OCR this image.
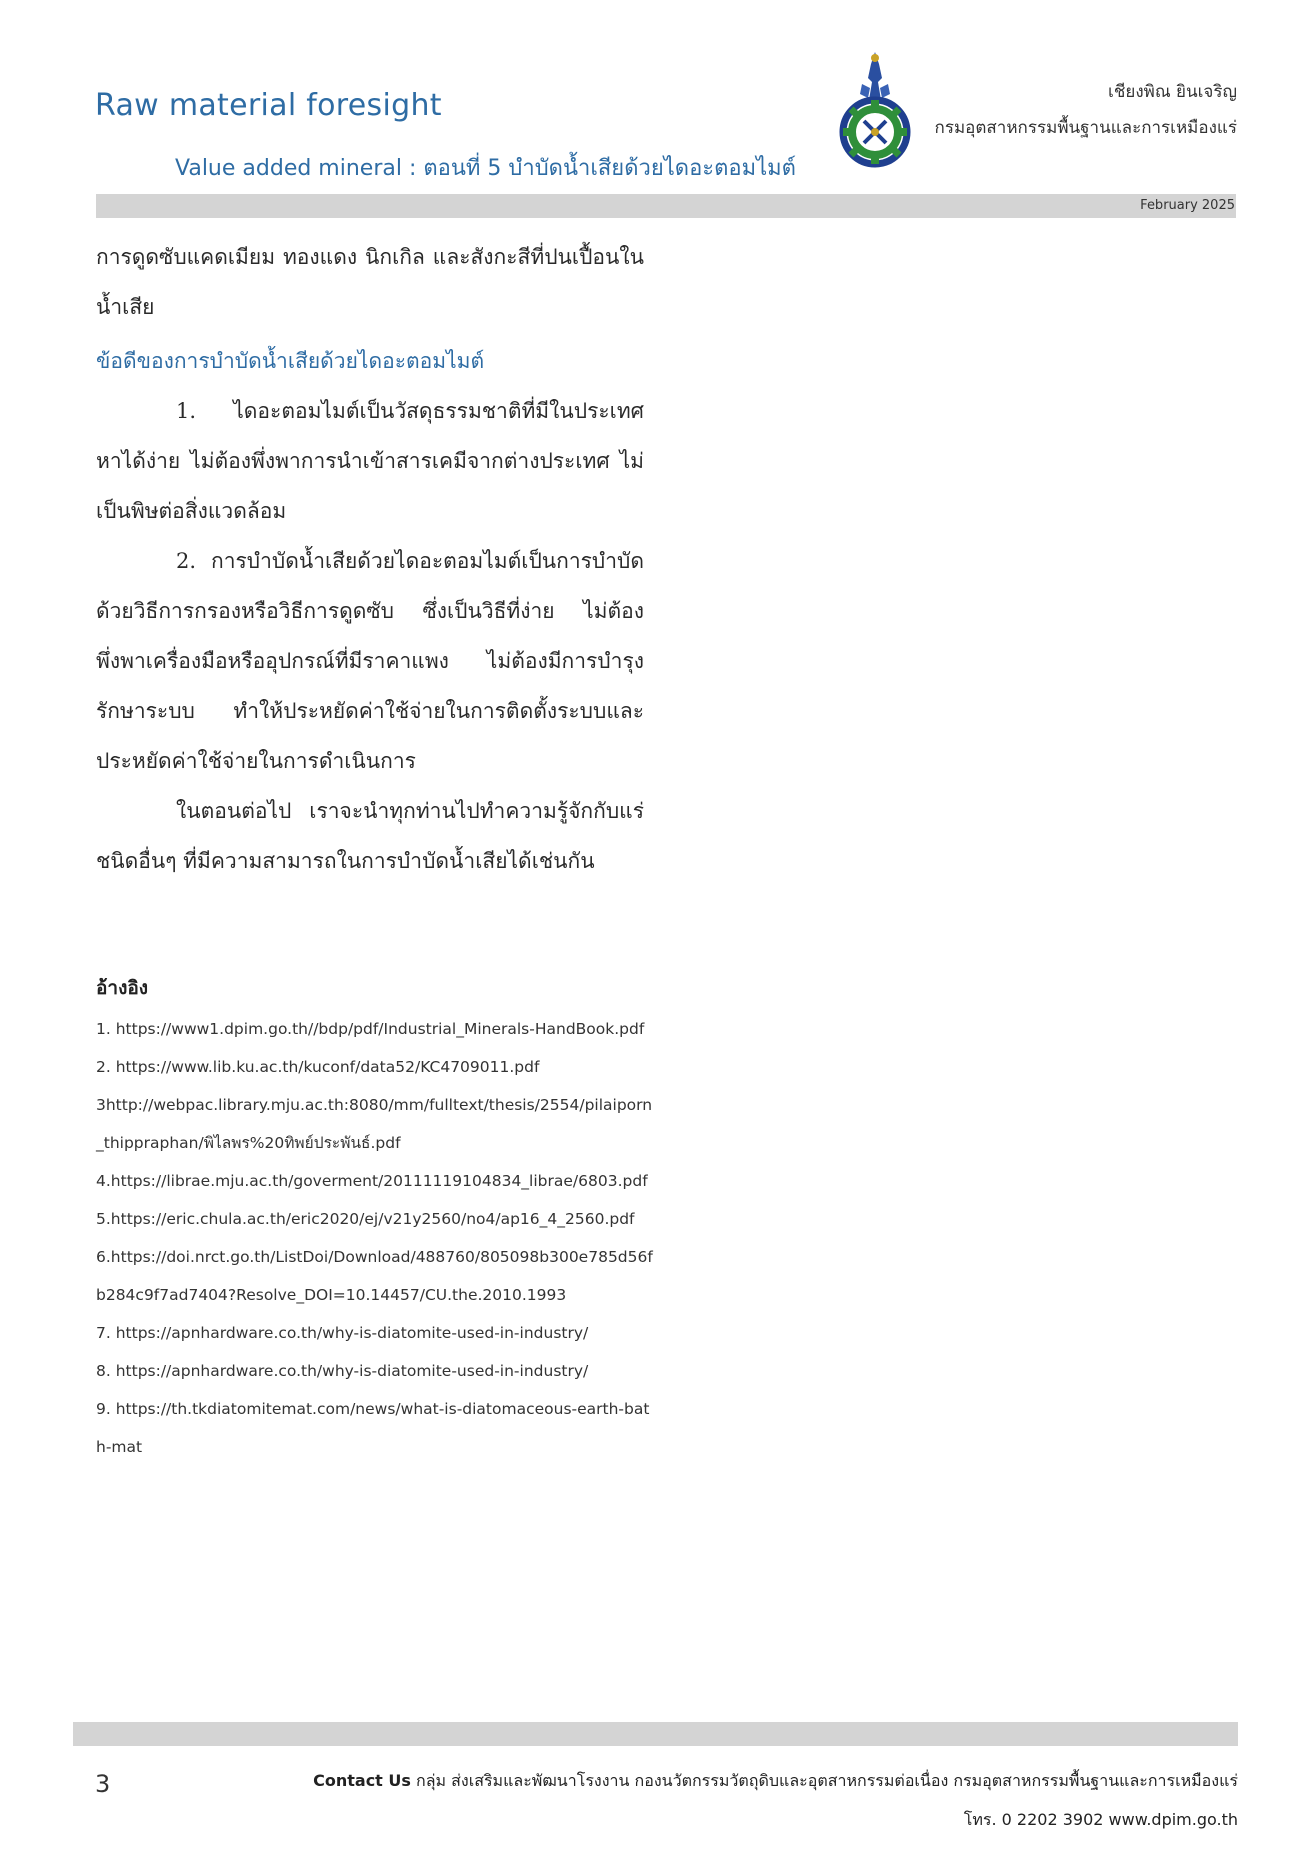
Raw material foresight
Value added mineral : ตอนที่ 5 บำบัดน้ำเสียด้วยไดอะตอมไมต์
เชียงพิณ ยินเจริญ
กรมอุตสาหกรรมพื้นฐานและการเหมืองแร่
February 2025

การดูดซับแคดเมียม ทองแดง นิกเกิล และสังกะสีที่ปนเปื้อนในน้ำเสีย

ข้อดีของการบำบัดน้ำเสียด้วยไดอะตอมไมต์

1. ไดอะตอมไมต์เป็นวัสดุธรรมชาติที่มีในประเทศ หาได้ง่าย ไม่ต้องพึ่งพาการนำเข้าสารเคมีจากต่างประเทศ ไม่เป็นพิษต่อสิ่งแวดล้อม

2. การบำบัดน้ำเสียด้วยไดอะตอมไมต์เป็นการบำบัดด้วยวิธีการกรองหรือวิธีการดูดซับ ซึ่งเป็นวิธีที่ง่าย ไม่ต้องพึ่งพาเครื่องมือหรืออุปกรณ์ที่มีราคาแพง ไม่ต้องมีการบำรุงรักษาระบบ ทำให้ประหยัดค่าใช้จ่ายในการติดตั้งระบบและประหยัดค่าใช้จ่ายในการดำเนินการ

ในตอนต่อไป เราจะนำทุกท่านไปทำความรู้จักกับแร่ชนิดอื่นๆ ที่มีความสามารถในการบำบัดน้ำเสียได้เช่นกัน

อ้างอิง
1. https://www1.dpim.go.th//bdp/pdf/Industrial_Minerals-HandBook.pdf
2. https://www.lib.ku.ac.th/kuconf/data52/KC4709011.pdf
3http://webpac.library.mju.ac.th:8080/mm/fulltext/thesis/2554/pilaiporn_thippraphan/พิไลพร%20ทิพย์ประพันธ์.pdf
4.https://librae.mju.ac.th/goverment/20111119104834_librae/6803.pdf
5.https://eric.chula.ac.th/eric2020/ej/v21y2560/no4/ap16_4_2560.pdf
6.https://doi.nrct.go.th/ListDoi/Download/488760/805098b300e785d56fb284c9f7ad7404?Resolve_DOI=10.14457/CU.the.2010.1993
7. https://apnhardware.co.th/why-is-diatomite-used-in-industry/
8. https://apnhardware.co.th/why-is-diatomite-used-in-industry/
9. https://th.tkdiatomitemat.com/news/what-is-diatomaceous-earth-bath-mat
3	Contact Us กลุ่ม ส่งเสริมและพัฒนาโรงงาน กองนวัตกรรมวัตถุดิบและอุตสาหกรรมต่อเนื่อง กรมอุตสาหกรรมพื้นฐานและการเหมืองแร่
โทร. 0 2202 3902 www.dpim.go.th
